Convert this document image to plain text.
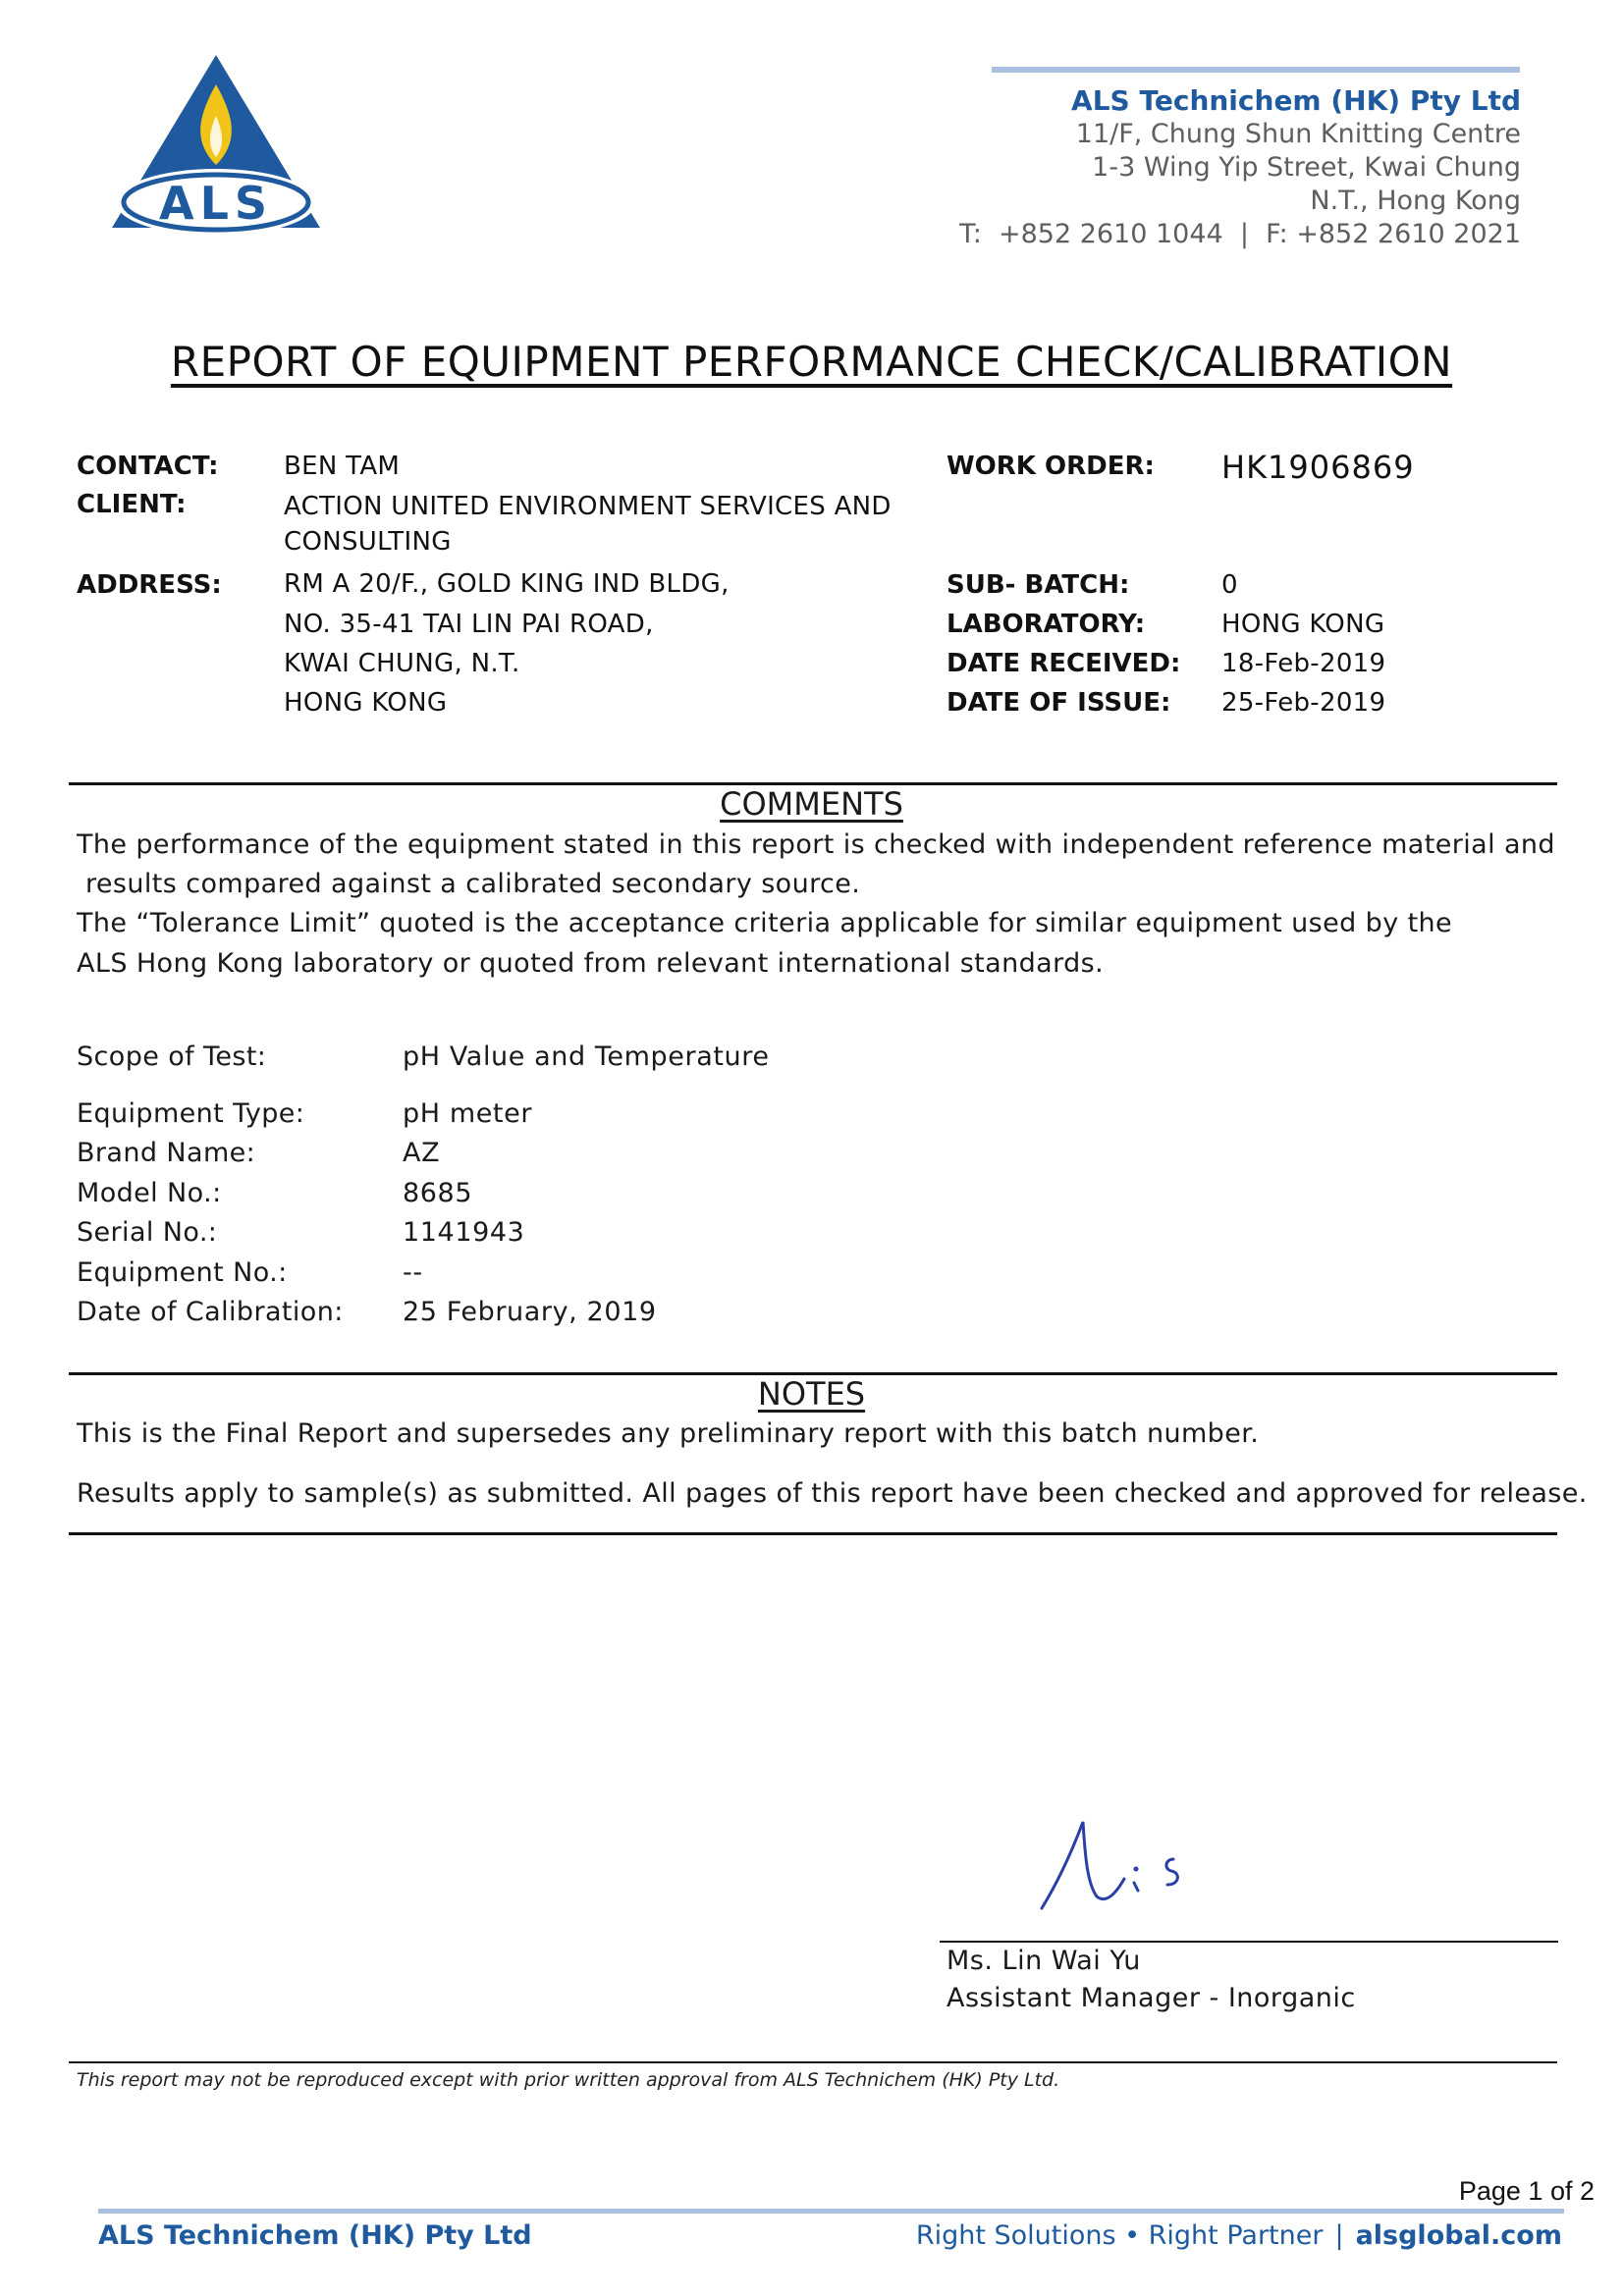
ALS
ALS Technichem (HK) Pty Ltd
11/F, Chung Shun Knitting Centre
1-3 Wing Yip Street, Kwai Chung
N.T., Hong Kong
T:  +852 2610 1044  |  F: +852 2610 2021
REPORT OF EQUIPMENT PERFORMANCE CHECK/CALIBRATION
CONTACT:	BEN TAM
CLIENT:	ACTION UNITED ENVIRONMENT SERVICES AND
CONSULTING
ADDRESS: RM A 20/F., GOLD KING IND BLDG,
NO. 35-41 TAI LIN PAI ROAD,
KWAI CHUNG, N.T.
HONG KONG
WORK ORDER: HK1906869
SUB- BATCH:	0
LABORATORY:	HONG KONG
DATE RECEIVED: 18-Feb-2019
DATE OF ISSUE: 25-Feb-2019
COMMENTS
The performance of the equipment stated in this report is checked with independent reference material and
results compared against a calibrated secondary source.
The “Tolerance Limit” quoted is the acceptance criteria applicable for similar equipment used by the
ALS Hong Kong laboratory or quoted from relevant international standards.
Scope of Test:	pH Value and Temperature
Equipment Type:	pH meter
Brand Name:	AZ
Model No.:	8685
Serial No.:	1141943
Equipment No.:	--
Date of Calibration: 25 February, 2019
NOTES
This is the Final Report and supersedes any preliminary report with this batch number.
Results apply to sample(s) as submitted. All pages of this report have been checked and approved for release.
Ms. Lin Wai Yu
Assistant Manager - Inorganic
This report may not be reproduced except with prior written approval from ALS Technichem (HK) Pty Ltd.
Page 1 of 2
ALS Technichem (HK) Pty Ltd	Right Solutions • Right Partner | alsglobal.com
